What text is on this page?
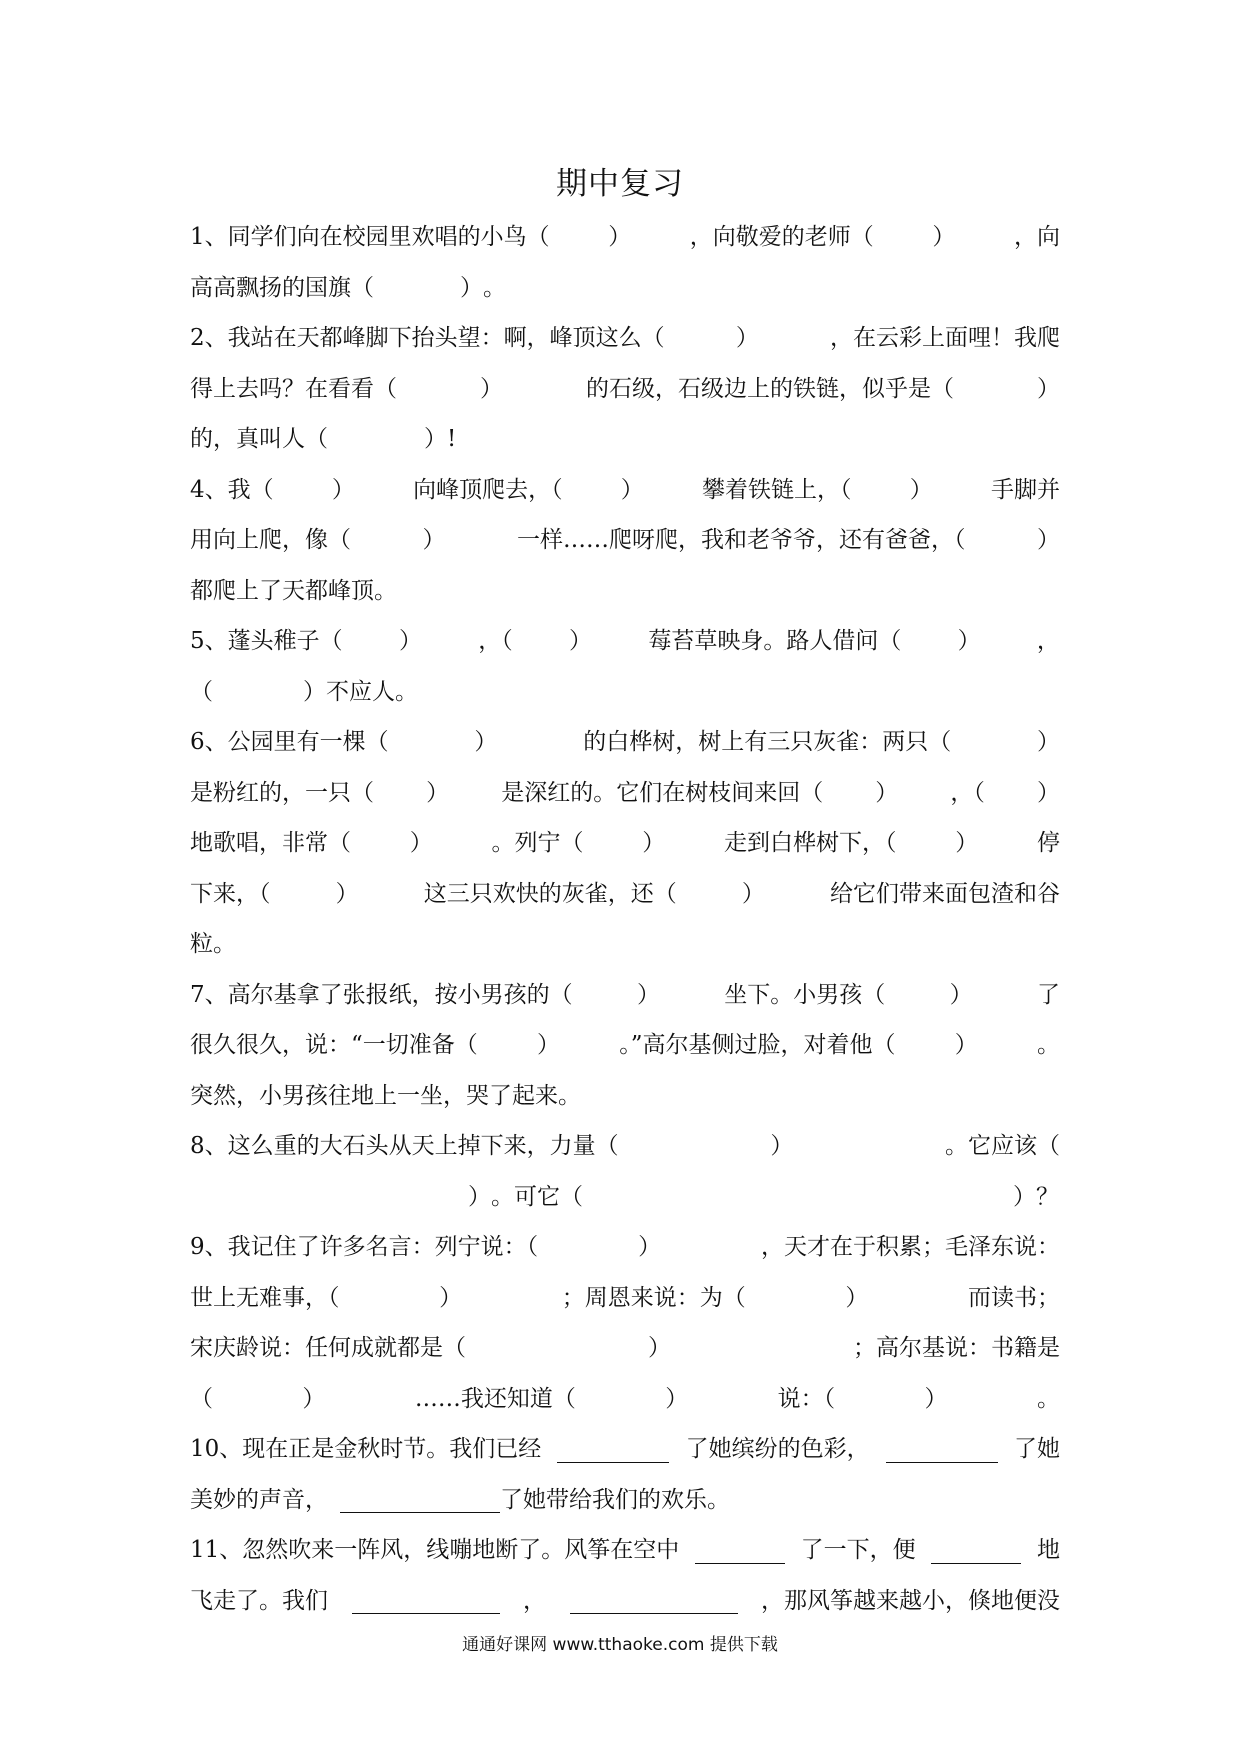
期中复习
1、同学们向在校园里欢唱的小鸟（	）	，向敬爱的老师（	）	，向
高高飘扬的国旗（	） 。
2、我站在天都峰脚下抬头望：啊，峰顶这么（	）	，在云彩上面哩！我爬
得上去吗？在看看（	）	的石级，石级边上的铁链，似乎是（	）
的，真叫人（	） !
4、我（	）	向峰顶爬去，（	）	攀着铁链上，（	）	手脚并
用向上爬，像（	）	一样……爬呀爬，我和老爷爷，还有爸爸，（	）
都爬上了天都峰顶。
5、蓬头稚子（ ） ，（ ） 莓苔草映身。路人借问（ ） ，
（	） 不应人。
6、公园里有一棵（	）	的白桦树，树上有三只灰雀：两只（	）
是粉红的，一只（ ） 是深红的。它们在树枝间来回（ ） ，（ ）
地歌唱，非常（	）	。列宁（	）	走到白桦树下，（	）	停
下来，（	）	这三只欢快的灰雀，还（	）	给它们带来面包渣和谷
粒。
7、高尔基拿了张报纸，按小男孩的（	）	坐下。小男孩（	）	了
很久很久，说：“一切准备（	）	。”高尔基侧过脸，对着他（	）	。
突然，小男孩往地上一坐，哭了起来。
8、这么重的大石头从天上掉下来，力量（	）	。它应该（
） 。可它（	） ？
9、我记住了许多名言：列宁说：（	）	，天才在于积累；毛泽东说：
世上无难事，（	）	；周恩来说：为（	）	而读书；
宋庆龄说：任何成就都是（	）	；高尔基说：书籍是
（	）	……我还知道（	）	说：（	）	。
10、现在正是金秋时节。我们已经	了她缤纷的色彩，	了她
美妙的声音，	了她带给我们的欢乐。
11、忽然吹来一阵风，线嘣地断了。风筝在空中	了一下，便	地
飞走了。我们	，	，那风筝越来越小，倏地便没
通通好课网 www.tthaoke.com 提供下载
